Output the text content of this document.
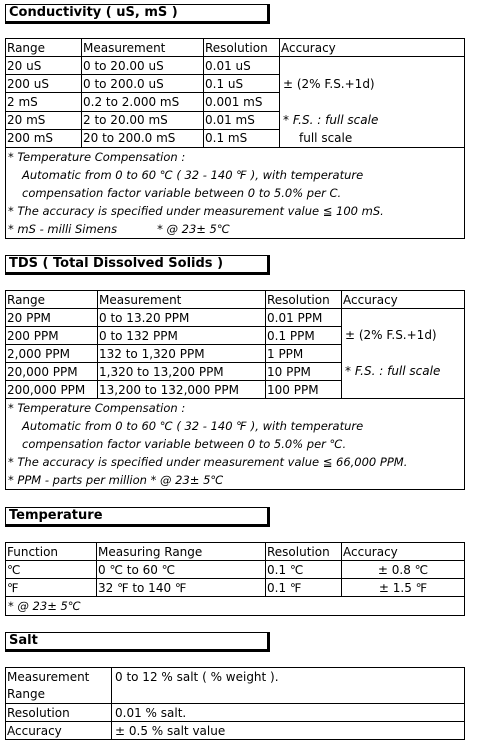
Conductivity ( uS, mS )
Range	Measurement	Resolution	Accuracy
20 uS	0 to 20.00 uS	0.01 uS	± (2% F.S.+1d)
* F.S. : full scale
full scale

200 uS	0 to 200.0 uS	0.1 uS	
2 mS	0.2 to 2.000 mS	0.001 mS	
20 mS	2 to 20.00 mS	0.01 mS	
200 mS	20 to 200.0 mS	0.1 mS	

* Temperature Compensation :
Automatic from 0 to 60 ℃ ( 32 - 140 ℉ ), with temperature
compensation factor variable between 0 to 5.0% per C.
* The accuracy is specified under measurement value ≦ 100 mS.
* mS - milli Simens * @ 23± 5℃			
TDS ( Total Dissolved Solids )
Range	Measurement	Resolution	Accuracy
20 PPM	0 to 13.20 PPM	0.01 PPM	± (2% F.S.+1d)
* F.S. : full scale

200 PPM	0 to 132 PPM	0.1 PPM	
2,000 PPM	132 to 1,320 PPM	1 PPM	
20,000 PPM	1,320 to 13,200 PPM	10 PPM	
200,000 PPM	13,200 to 132,000 PPM	100 PPM	

* Temperature Compensation :
Automatic from 0 to 60 ℃ ( 32 - 140 ℉ ), with temperature
compensation factor variable between 0 to 5.0% per ℃.
* The accuracy is specified under measurement value ≦ 66,000 PPM.
* PPM - parts per million * @ 23± 5℃			
Temperature
Function	Measuring Range	Resolution	Accuracy
℃	0 ℃ to 60 ℃	0.1 ℃	± 0.8 ℃
℉	32 ℉ to 140 ℉	0.1 ℉	± 1.5 ℉

* @ 23± 5℃			
Salt
Measurement Range	0 to 12 % salt ( % weight ).
Resolution	0.01 % salt.
Accuracy	± 0.5 % salt value
